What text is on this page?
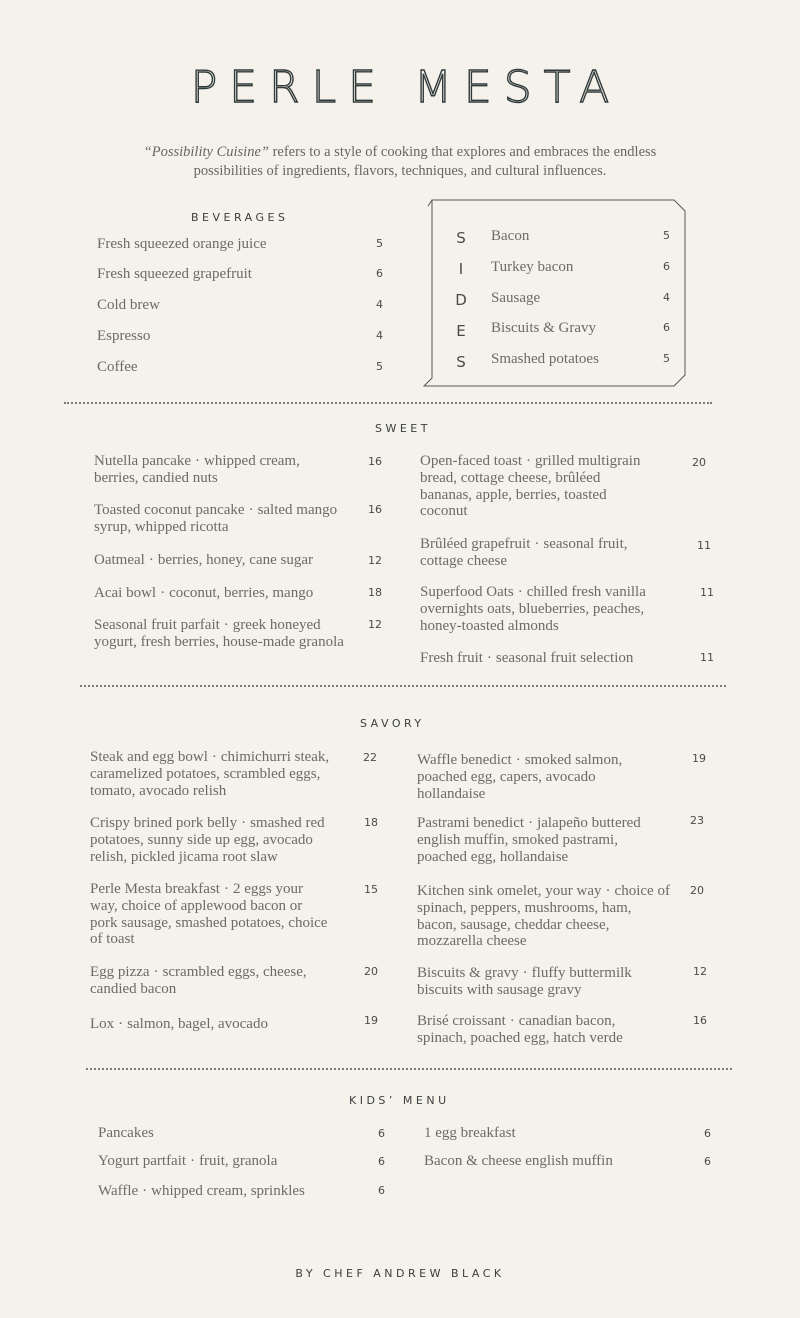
PERLE MESTA
“Possibility Cuisine” refers to a style of cooking that explores and embraces the endless possibilities of ingredients, flavors, techniques, and cultural influences.
BEVERAGES
Fresh squeezed orange juice	5
Fresh squeezed grapefruit	6
Cold brew	4
Espresso	4
Coffee	5
S
I
D
E
S
Bacon	5
Turkey bacon	6
Sausage	4
Biscuits & Gravy	6
Smashed potatoes	5
SWEET
Nutella pancake · whipped cream, berries, candied nuts
16
Toasted coconut pancake · salted mango syrup, whipped ricotta
16
Oatmeal · berries, honey, cane sugar	12
Acai bowl · coconut, berries, mango	18
Seasonal fruit parfait · greek honeyed yogurt, fresh berries, house-made granola
12
Open-faced toast · grilled multigrain bread, cottage cheese, brûléed bananas, apple, berries, toasted coconut
20
Brûléed grapefruit · seasonal fruit, cottage cheese
11
Superfood Oats · chilled fresh vanilla overnights oats, blueberries, peaches, honey-toasted almonds
11
Fresh fruit · seasonal fruit selection	11
SAVORY
Steak and egg bowl · chimichurri steak, caramelized potatoes, scrambled eggs, tomato, avocado relish
22
Crispy brined pork belly · smashed red potatoes, sunny side up egg, avocado relish, pickled jicama root slaw
18
Perle Mesta breakfast · 2 eggs your way, choice of applewood bacon or pork sausage, smashed potatoes, choice of toast
15
Egg pizza · scrambled eggs, cheese, candied bacon
20
Lox · salmon, bagel, avocado	19
Waffle benedict · smoked salmon, poached egg, capers, avocado hollandaise
19
Pastrami benedict · jalapeño buttered english muffin, smoked pastrami, poached egg, hollandaise
23
Kitchen sink omelet, your way · choice of spinach, peppers, mushrooms, ham, bacon, sausage, cheddar cheese, mozzarella cheese
20
Biscuits & gravy · fluffy buttermilk biscuits with sausage gravy
12
Brisé croissant · canadian bacon, spinach, poached egg, hatch verde
16
KIDS’ MENU
Pancakes	6
Yogurt partfait · fruit, granola	6
Waffle · whipped cream, sprinkles	6
1 egg breakfast	6
Bacon & cheese english muffin	6
BY CHEF ANDREW BLACK
